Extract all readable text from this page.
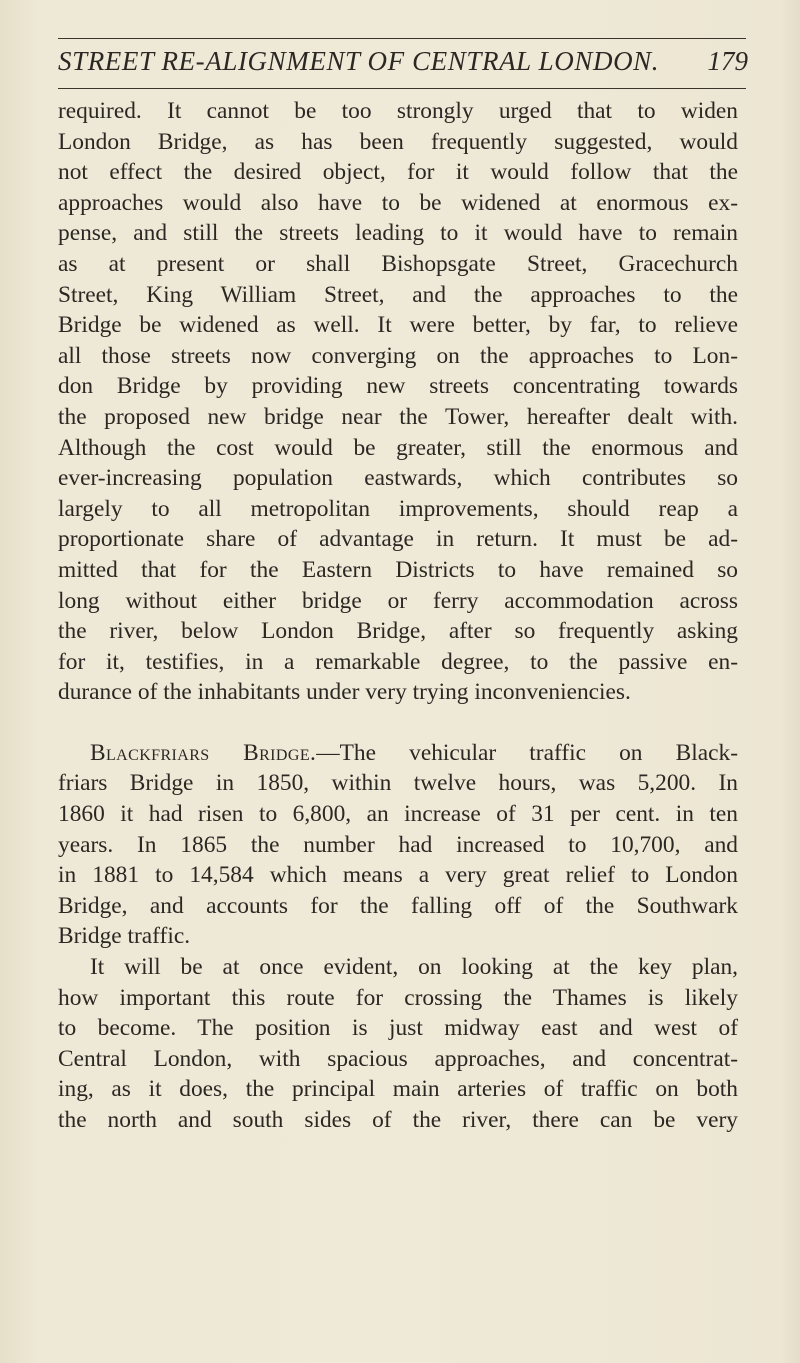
STREET RE-ALIGNMENT OF CENTRAL LONDON. 179
required. It cannot be too strongly urged that to widen
London Bridge, as has been frequently suggested, would
not effect the desired object, for it would follow that the
approaches would also have to be widened at enormous ex-
pense, and still the streets leading to it would have to remain
as at present or shall Bishopsgate Street, Gracechurch
Street, King William Street, and the approaches to the
Bridge be widened as well. It were better, by far, to relieve
all those streets now converging on the approaches to Lon-
don Bridge by providing new streets concentrating towards
the proposed new bridge near the Tower, hereafter dealt with.
Although the cost would be greater, still the enormous and
ever-increasing population eastwards, which contributes so
largely to all metropolitan improvements, should reap a
proportionate share of advantage in return. It must be ad-
mitted that for the Eastern Districts to have remained so
long without either bridge or ferry accommodation across
the river, below London Bridge, after so frequently asking
for it, testifies, in a remarkable degree, to the passive en-
durance of the inhabitants under very trying inconveniencies.
Blackfriars Bridge.—The vehicular traffic on Black-
friars Bridge in 1850, within twelve hours, was 5,200. In
1860 it had risen to 6,800, an increase of 31 per cent. in ten
years. In 1865 the number had increased to 10,700, and
in 1881 to 14,584 which means a very great relief to London
Bridge, and accounts for the falling off of the Southwark
Bridge traffic.
It will be at once evident, on looking at the key plan,
how important this route for crossing the Thames is likely
to become. The position is just midway east and west of
Central London, with spacious approaches, and concentrat-
ing, as it does, the principal main arteries of traffic on both
the north and south sides of the river, there can be very
